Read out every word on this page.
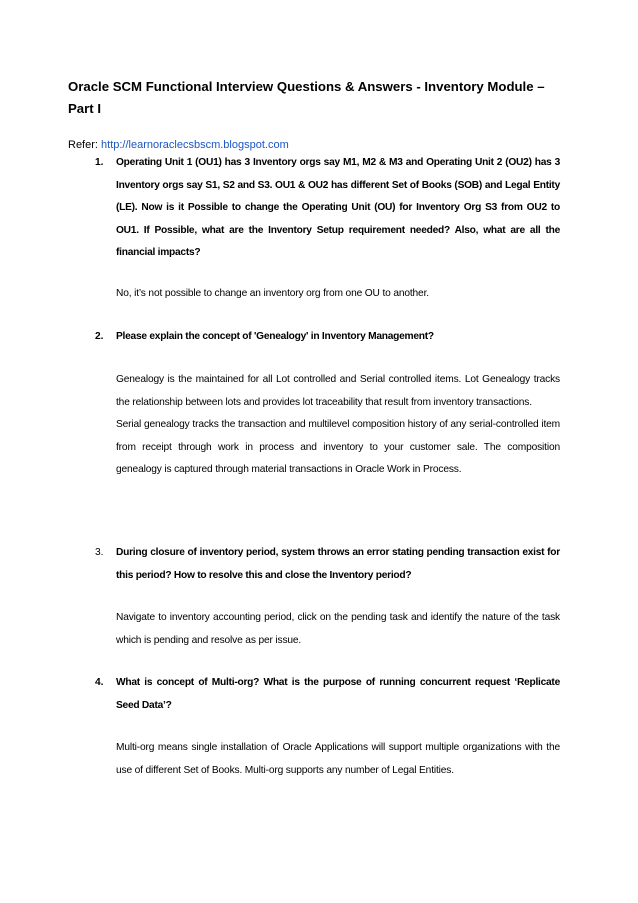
Oracle SCM Functional Interview Questions & Answers - Inventory Module – Part I
Refer: http://learnoraclecsbscm.blogspot.com
1. Operating Unit 1 (OU1) has 3 Inventory orgs say M1, M2 & M3 and Operating Unit 2 (OU2) has 3 Inventory orgs say S1, S2 and S3. OU1 & OU2 has different Set of Books (SOB) and Legal Entity (LE). Now is it Possible to change the Operating Unit (OU) for Inventory Org S3 from OU2 to OU1. If Possible, what are the Inventory Setup requirement needed? Also, what are all the financial impacts?

No, it’s not possible to change an inventory org from one OU to another.

2. Please explain the concept of 'Genealogy' in Inventory Management?

Genealogy is the maintained for all Lot controlled and Serial controlled items. Lot Genealogy tracks the relationship between lots and provides lot traceability that result from inventory transactions.

Serial genealogy tracks the transaction and multilevel composition history of any serial-controlled item from receipt through work in process and inventory to your customer sale. The composition genealogy is captured through material transactions in Oracle Work in Process.

3. During closure of inventory period, system throws an error stating pending transaction exist for this period? How to resolve this and close the Inventory period?

Navigate to inventory accounting period, click on the pending task and identify the nature of the task which is pending and resolve as per issue.

4. What is concept of Multi-org? What is the purpose of running concurrent request ‘Replicate Seed Data’?

Multi-org means single installation of Oracle Applications will support multiple organizations with the use of different Set of Books. Multi-org supports any number of Legal Entities.
